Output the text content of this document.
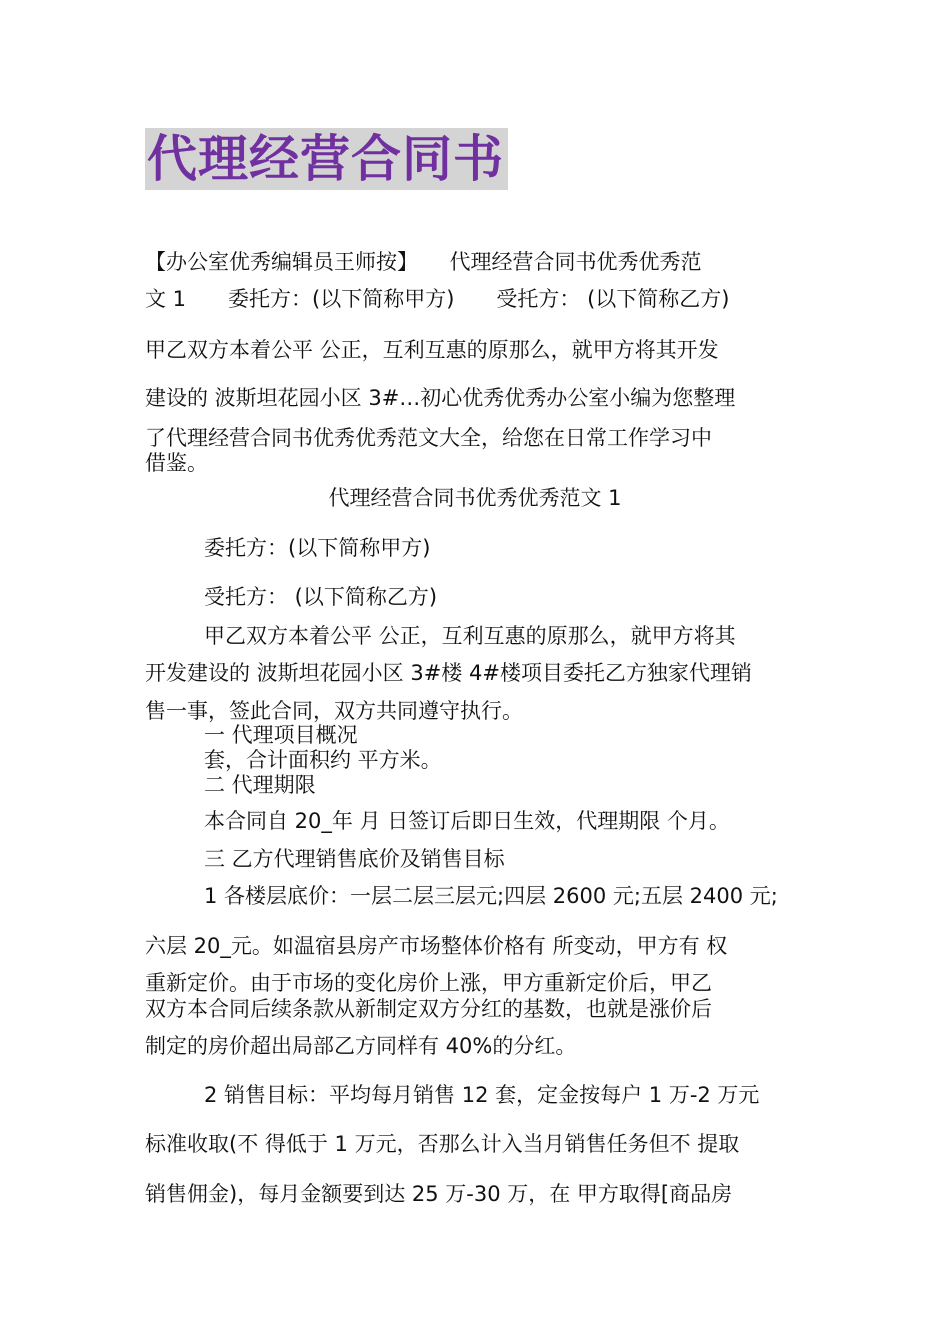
代理经营合同书
【办公室优秀编辑员王师按】　　代理经营合同书优秀优秀范
文 1　　委托方：(以下简称甲方)　　受托方： (以下简称乙方)
甲乙双方本着公平 公正，互利互惠的原那么，就甲方将其开发
建设的 波斯坦花园小区 3#…初心优秀优秀办公室小编为您整理
了代理经营合同书优秀优秀范文大全，给您在日常工作学习中
借鉴。
代理经营合同书优秀优秀范文 1
委托方：(以下简称甲方)
受托方： (以下简称乙方)
甲乙双方本着公平 公正，互利互惠的原那么，就甲方将其
开发建设的 波斯坦花园小区 3#楼 4#楼项目委托乙方独家代理销
售一事，签此合同，双方共同遵守执行。
一 代理项目概况
套，合计面积约 平方米。
二 代理期限
本合同自 20_年 月 日签订后即日生效，代理期限 个月。
三 乙方代理销售底价及销售目标
1 各楼层底价：一层二层三层元;四层 2600 元;五层 2400 元;
六层 20_元。如温宿县房产市场整体价格有 所变动，甲方有 权
重新定价。由于市场的变化房价上涨，甲方重新定价后，甲乙
双方本合同后续条款从新制定双方分红的基数，也就是涨价后
制定的房价超出局部乙方同样有 40%的分红。
2 销售目标：平均每月销售 12 套，定金按每户 1 万-2 万元
标准收取(不 得低于 1 万元，否那么计入当月销售任务但不 提取
销售佣金)，每月金额要到达 25 万-30 万，在 甲方取得[商品房
